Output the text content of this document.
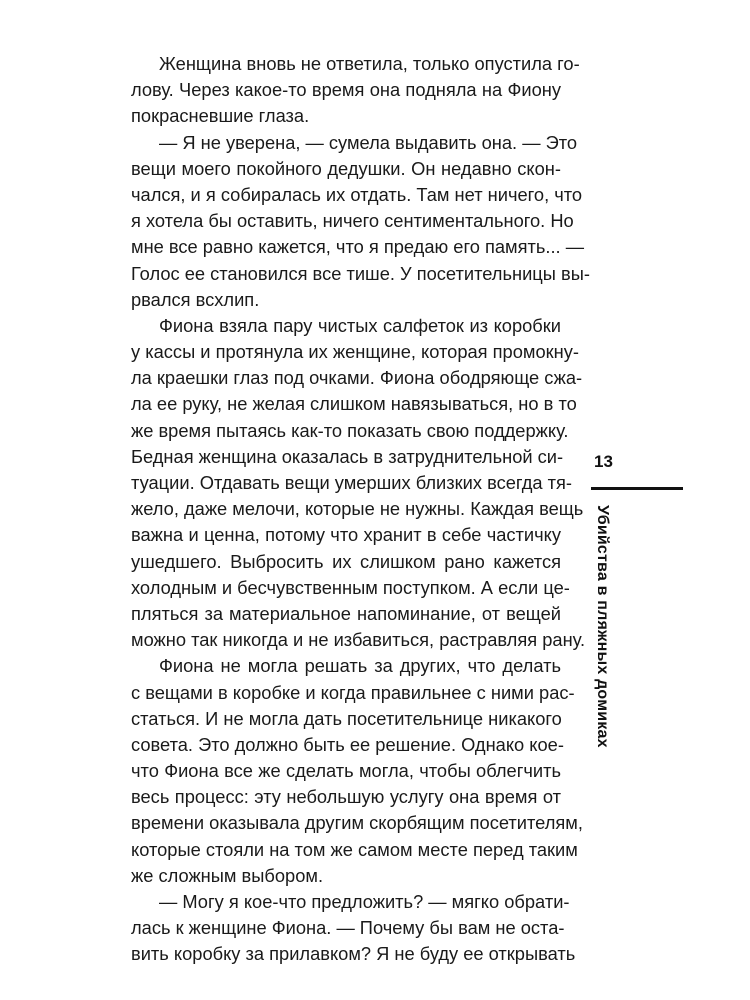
Женщина вновь не ответила, только опустила го-
лову. Через какое-то время она подняла на Фиону
покрасневшие глаза.
— Я не уверена, — сумела выдавить она. — Это
вещи моего покойного дедушки. Он недавно скон-
чался, и я собиралась их отдать. Там нет ничего, что
я хотела бы оставить, ничего сентиментального. Но
мне все равно кажется, что я предаю его память... —
Голос ее становился все тише. У посетительницы вы-
рвался всхлип.
Фиона взяла пару чистых салфеток из коробки
у кассы и протянула их женщине, которая промокну-
ла краешки глаз под очками. Фиона ободряюще сжа-
ла ее руку, не желая слишком навязываться, но в то
же время пытаясь как-то показать свою поддержку.
Бедная женщина оказалась в затруднительной си-
туации. Отдавать вещи умерших близких всегда тя-
жело, даже мелочи, которые не нужны. Каждая вещь
важна и ценна, потому что хранит в себе частичку
ушедшего. Выбросить их слишком рано кажется
холодным и бесчувственным поступком. А если це-
пляться за материальное напоминание, от вещей
можно так никогда и не избавиться, растравляя рану.
Фиона не могла решать за других, что делать
с вещами в коробке и когда правильнее с ними рас-
статься. И не могла дать посетительнице никакого
совета. Это должно быть ее решение. Однако кое-
что Фиона все же сделать могла, чтобы облегчить
весь процесс: эту небольшую услугу она время от
времени оказывала другим скорбящим посетителям,
которые стояли на том же самом месте перед таким
же сложным выбором.
— Могу я кое-что предложить? — мягко обрати-
лась к женщине Фиона. — Почему бы вам не оста-
вить коробку за прилавком? Я не буду ее открывать
13
Убийства в пляжных домиках
